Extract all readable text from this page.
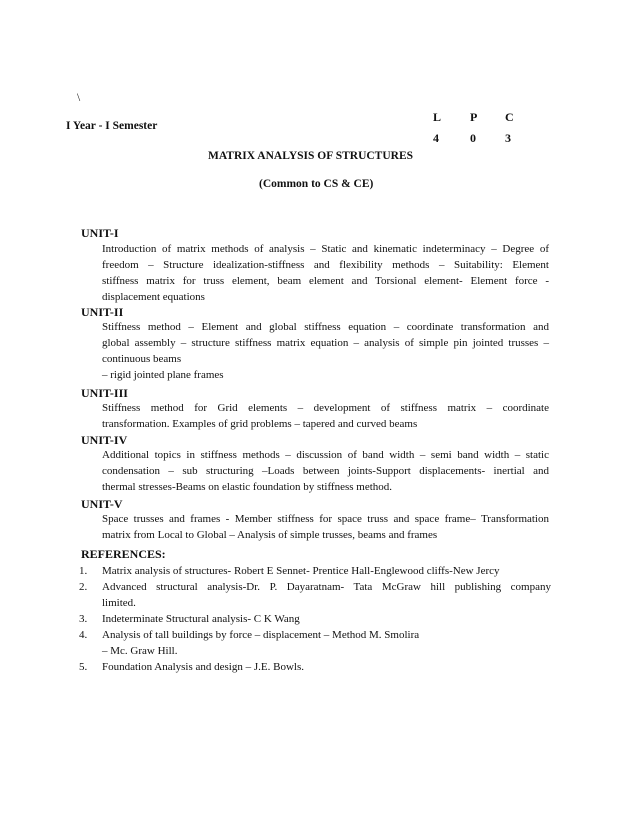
\
I Year - I Semester
L P C
4	0 3
MATRIX ANALYSIS OF STRUCTURES
(Common to CS & CE)
UNIT-I
Introduction of matrix methods of analysis – Static and kinematic indeterminacy – Degree of
freedom – Structure idealization-stiffness and flexibility methods – Suitability: Element
stiffness matrix for truss element, beam element and Torsional element- Element force -
displacement equations
UNIT-II
Stiffness method – Element and global stiffness equation – coordinate transformation and
global assembly – structure stiffness matrix equation – analysis of simple pin jointed trusses –
continuous beams
– rigid jointed plane frames
UNIT-III
Stiffness method for Grid elements – development of stiffness matrix – coordinate
transformation. Examples of grid problems – tapered and curved beams
UNIT-IV
Additional topics in stiffness methods – discussion of band width – semi band width – static
condensation – sub structuring –Loads between joints-Support displacements- inertial and
thermal stresses-Beams on elastic foundation by stiffness method.
UNIT-V
Space trusses and frames - Member stiffness for space truss and space frame– Transformation
matrix from Local to Global – Analysis of simple trusses, beams and frames
REFERENCES:
1.	Matrix analysis of structures- Robert E Sennet- Prentice Hall-Englewood cliffs-New Jercy
2.	Advanced structural analysis-Dr. P. Dayaratnam- Tata McGraw hill publishing company
limited.
3.	Indeterminate Structural analysis- C K Wang
4.	Analysis of tall buildings by force – displacement – Method M. Smolira
– Mc. Graw Hill.
5.	Foundation Analysis and design – J.E. Bowls.
